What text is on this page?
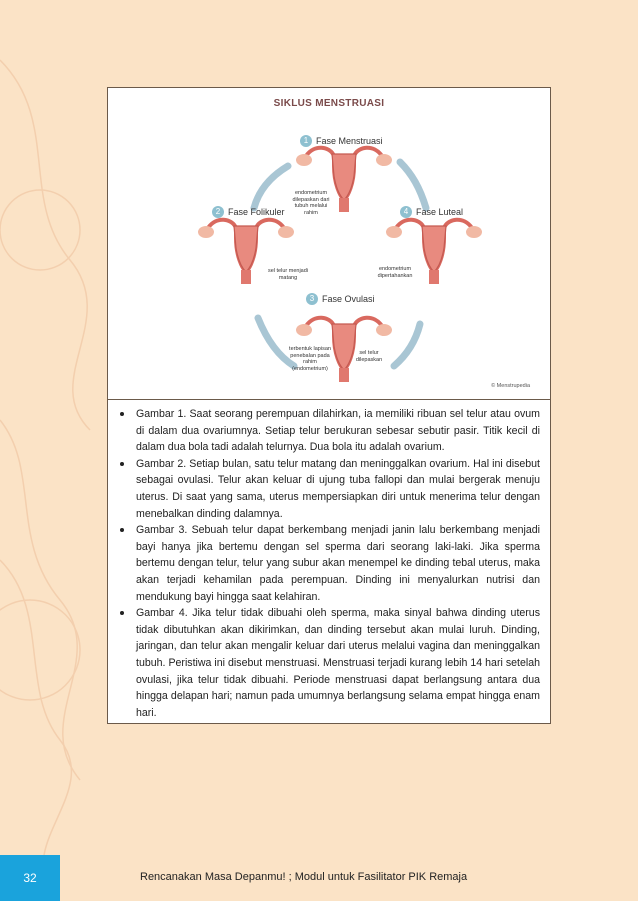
SIKLUS MENSTRUASI
1 Fase Menstruasi
2 Fase Folikuler	4 Fase Luteal
3 Fase Ovulasi
endometrium dilepaskan dari tubuh melalui rahim
sel telur menjadi matang
endometrium dipertahankan
terbentuk lapisan penebalan pada rahim (endometrium)
sel telur dilepaskan
© Menstrupedia
Gambar 1. Saat seorang perempuan dilahirkan, ia memiliki ribuan sel telur atau ovum di dalam dua ovariumnya. Setiap telur berukuran sebesar sebutir pasir. Titik kecil di dalam dua bola tadi adalah telurnya. Dua bola itu adalah ovarium.
Gambar 2. Setiap bulan, satu telur matang dan meninggalkan ovarium. Hal ini disebut sebagai ovulasi. Telur akan keluar di ujung tuba fallopi dan mulai bergerak menuju uterus. Di saat yang sama, uterus mempersiapkan diri untuk menerima telur dengan menebalkan dinding dalamnya.
Gambar 3. Sebuah telur dapat berkembang menjadi janin lalu berkembang menjadi bayi hanya jika bertemu dengan sel sperma dari seorang laki-laki. Jika sperma bertemu dengan telur, telur yang subur akan menempel ke dinding tebal uterus, maka akan terjadi kehamilan pada perempuan. Dinding ini menyalurkan nutrisi dan mendukung bayi hingga saat kelahiran.
Gambar 4. Jika telur tidak dibuahi oleh sperma, maka sinyal bahwa dinding uterus tidak dibutuhkan akan dikirimkan, dan dinding tersebut akan mulai luruh. Dinding, jaringan, dan telur akan mengalir keluar dari uterus melalui vagina dan meninggalkan tubuh. Peristiwa ini disebut menstruasi. Menstruasi terjadi kurang lebih 14 hari setelah ovulasi, jika telur tidak dibuahi. Periode menstruasi dapat berlangsung antara dua hingga delapan hari; namun pada umumnya berlangsung selama empat hingga enam hari.
32	Rencanakan Masa Depanmu! ; Modul untuk Fasilitator PIK Remaja
